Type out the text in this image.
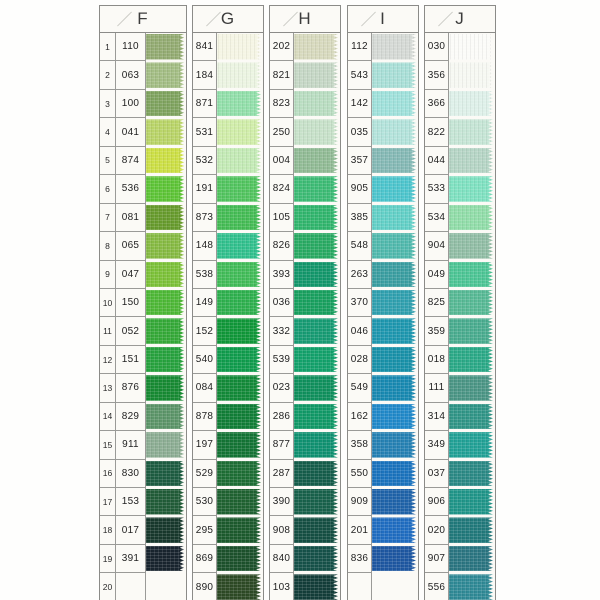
F
1	110
2	063
3	100
4	041
5	874
6	536
7	081
8	065
9	047
10 150
11 052
12 151
13 876
14 829
15 911
16 830
17 153
18 017
19 391
20
G
841
184
871
531
532
191
873
148
538
149
152
540
084
878
197
529
530
295
869
890
H
202
821
823
250
004
824
105
826
393
036
332
539
023
286
877
287
390
908
840
103
I
112
543
142
035
357
905
385
548
263
370
046
028
549
162
358
550
909
201
836
J
030
356
366
822
044
533
534
904
049
825
359
018
111
314
349
037
906
020
907
556
